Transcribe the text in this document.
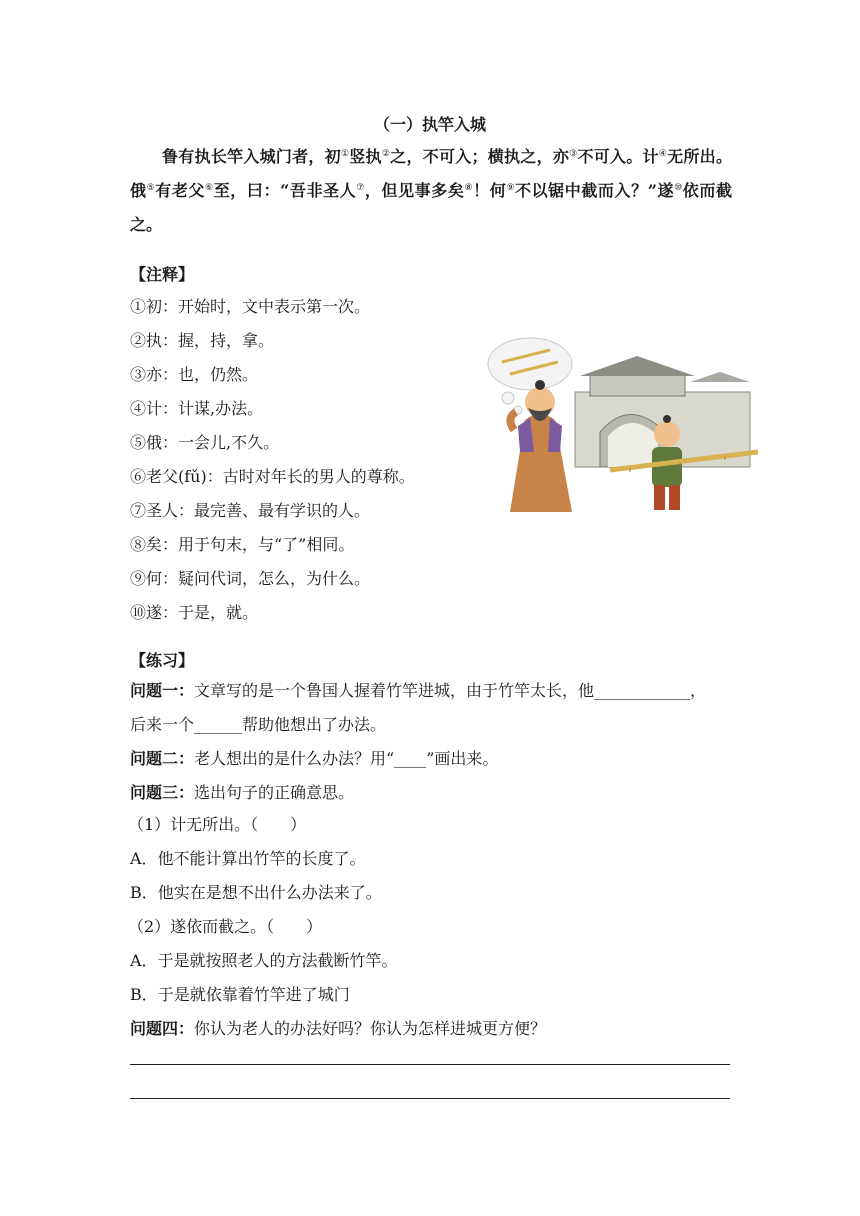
（一）执竿入城
鲁有执长竿入城门者，初①竖执②之，不可入；横执之，亦③不可入。计④无所出。俄⑤有老父⑥至，曰：“吾非圣人⑦，但见事多矣⑧！何⑨不以锯中截而入？”遂⑩依而截之。
【注释】
①初：开始时，文中表示第一次。
②执：握，持，拿。
③亦：也，仍然。
④计：计谋,办法。
⑤俄：一会儿,不久。
⑥老父(fǔ)：古时对年长的男人的尊称。
⑦圣人：最完善、最有学识的人。
⑧矣：用于句末，与“了”相同。
⑨何：疑问代词，怎么，为什么。
⑩遂：于是，就。
【练习】
问题一：文章写的是一个鲁国人握着竹竿进城，由于竹竿太长，他____________，
后来一个______帮助他想出了办法。
问题二：老人想出的是什么办法？用“____”画出来。
问题三：选出句子的正确意思。
（1）计无所出。（　　）
A．他不能计算出竹竿的长度了。
B．他实在是想不出什么办法来了。
（2）遂依而截之。（　　）
A．于是就按照老人的方法截断竹竿。
B．于是就依靠着竹竿进了城门
问题四：你认为老人的办法好吗？你认为怎样进城更方便？
